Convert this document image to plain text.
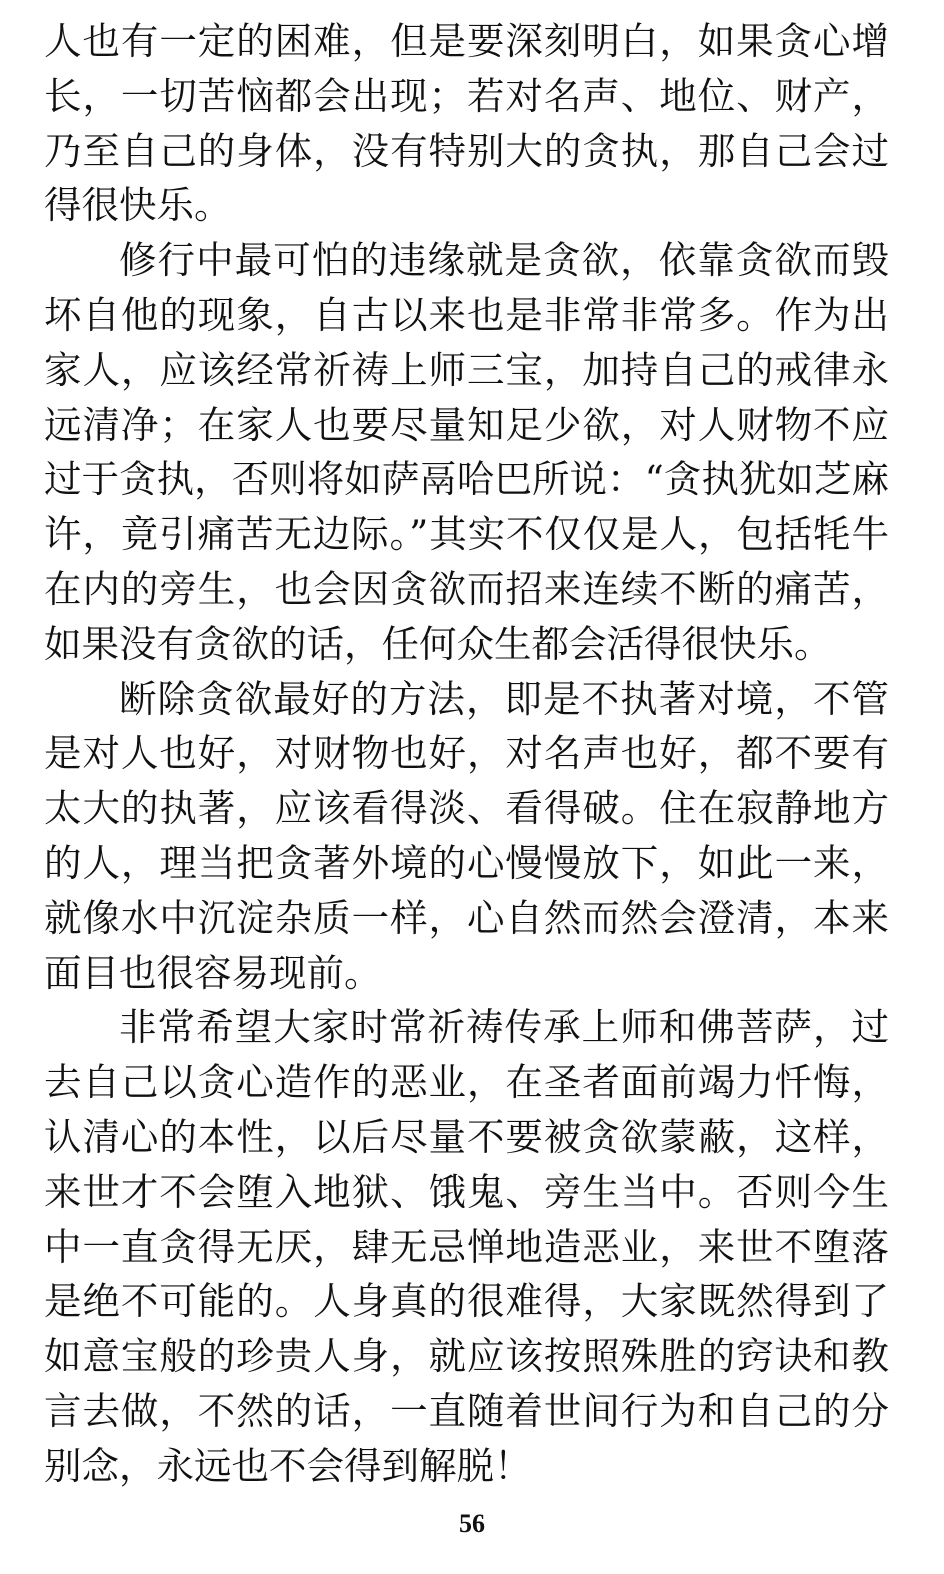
人也有一定的困难，但是要深刻明白，如果贪心增长，一切苦恼都会出现；若对名声、地位、财产，乃至自己的身体，没有特别大的贪执，那自己会过得很快乐。

修行中最可怕的违缘就是贪欲，依靠贪欲而毁坏自他的现象，自古以来也是非常非常多。作为出家人，应该经常祈祷上师三宝，加持自己的戒律永远清净；在家人也要尽量知足少欲，对人财物不应过于贪执，否则将如萨鬲哈巴所说：“贪执犹如芝麻许，竟引痛苦无边际。”其实不仅仅是人，包括牦牛在内的旁生，也会因贪欲而招来连续不断的痛苦，如果没有贪欲的话，任何众生都会活得很快乐。

断除贪欲最好的方法，即是不执著对境，不管是对人也好，对财物也好，对名声也好，都不要有太大的执著，应该看得淡、看得破。住在寂静地方的人，理当把贪著外境的心慢慢放下，如此一来，就像水中沉淀杂质一样，心自然而然会澄清，本来面目也很容易现前。

非常希望大家时常祈祷传承上师和佛菩萨，过去自己以贪心造作的恶业，在圣者面前竭力忏悔，认清心的本性，以后尽量不要被贪欲蒙蔽，这样，来世才不会堕入地狱、饿鬼、旁生当中。否则今生中一直贪得无厌，肆无忌惮地造恶业，来世不堕落是绝不可能的。人身真的很难得，大家既然得到了如意宝般的珍贵人身，就应该按照殊胜的窍诀和教言去做，不然的话，一直随着世间行为和自己的分别念，永远也不会得到解脱！

56
